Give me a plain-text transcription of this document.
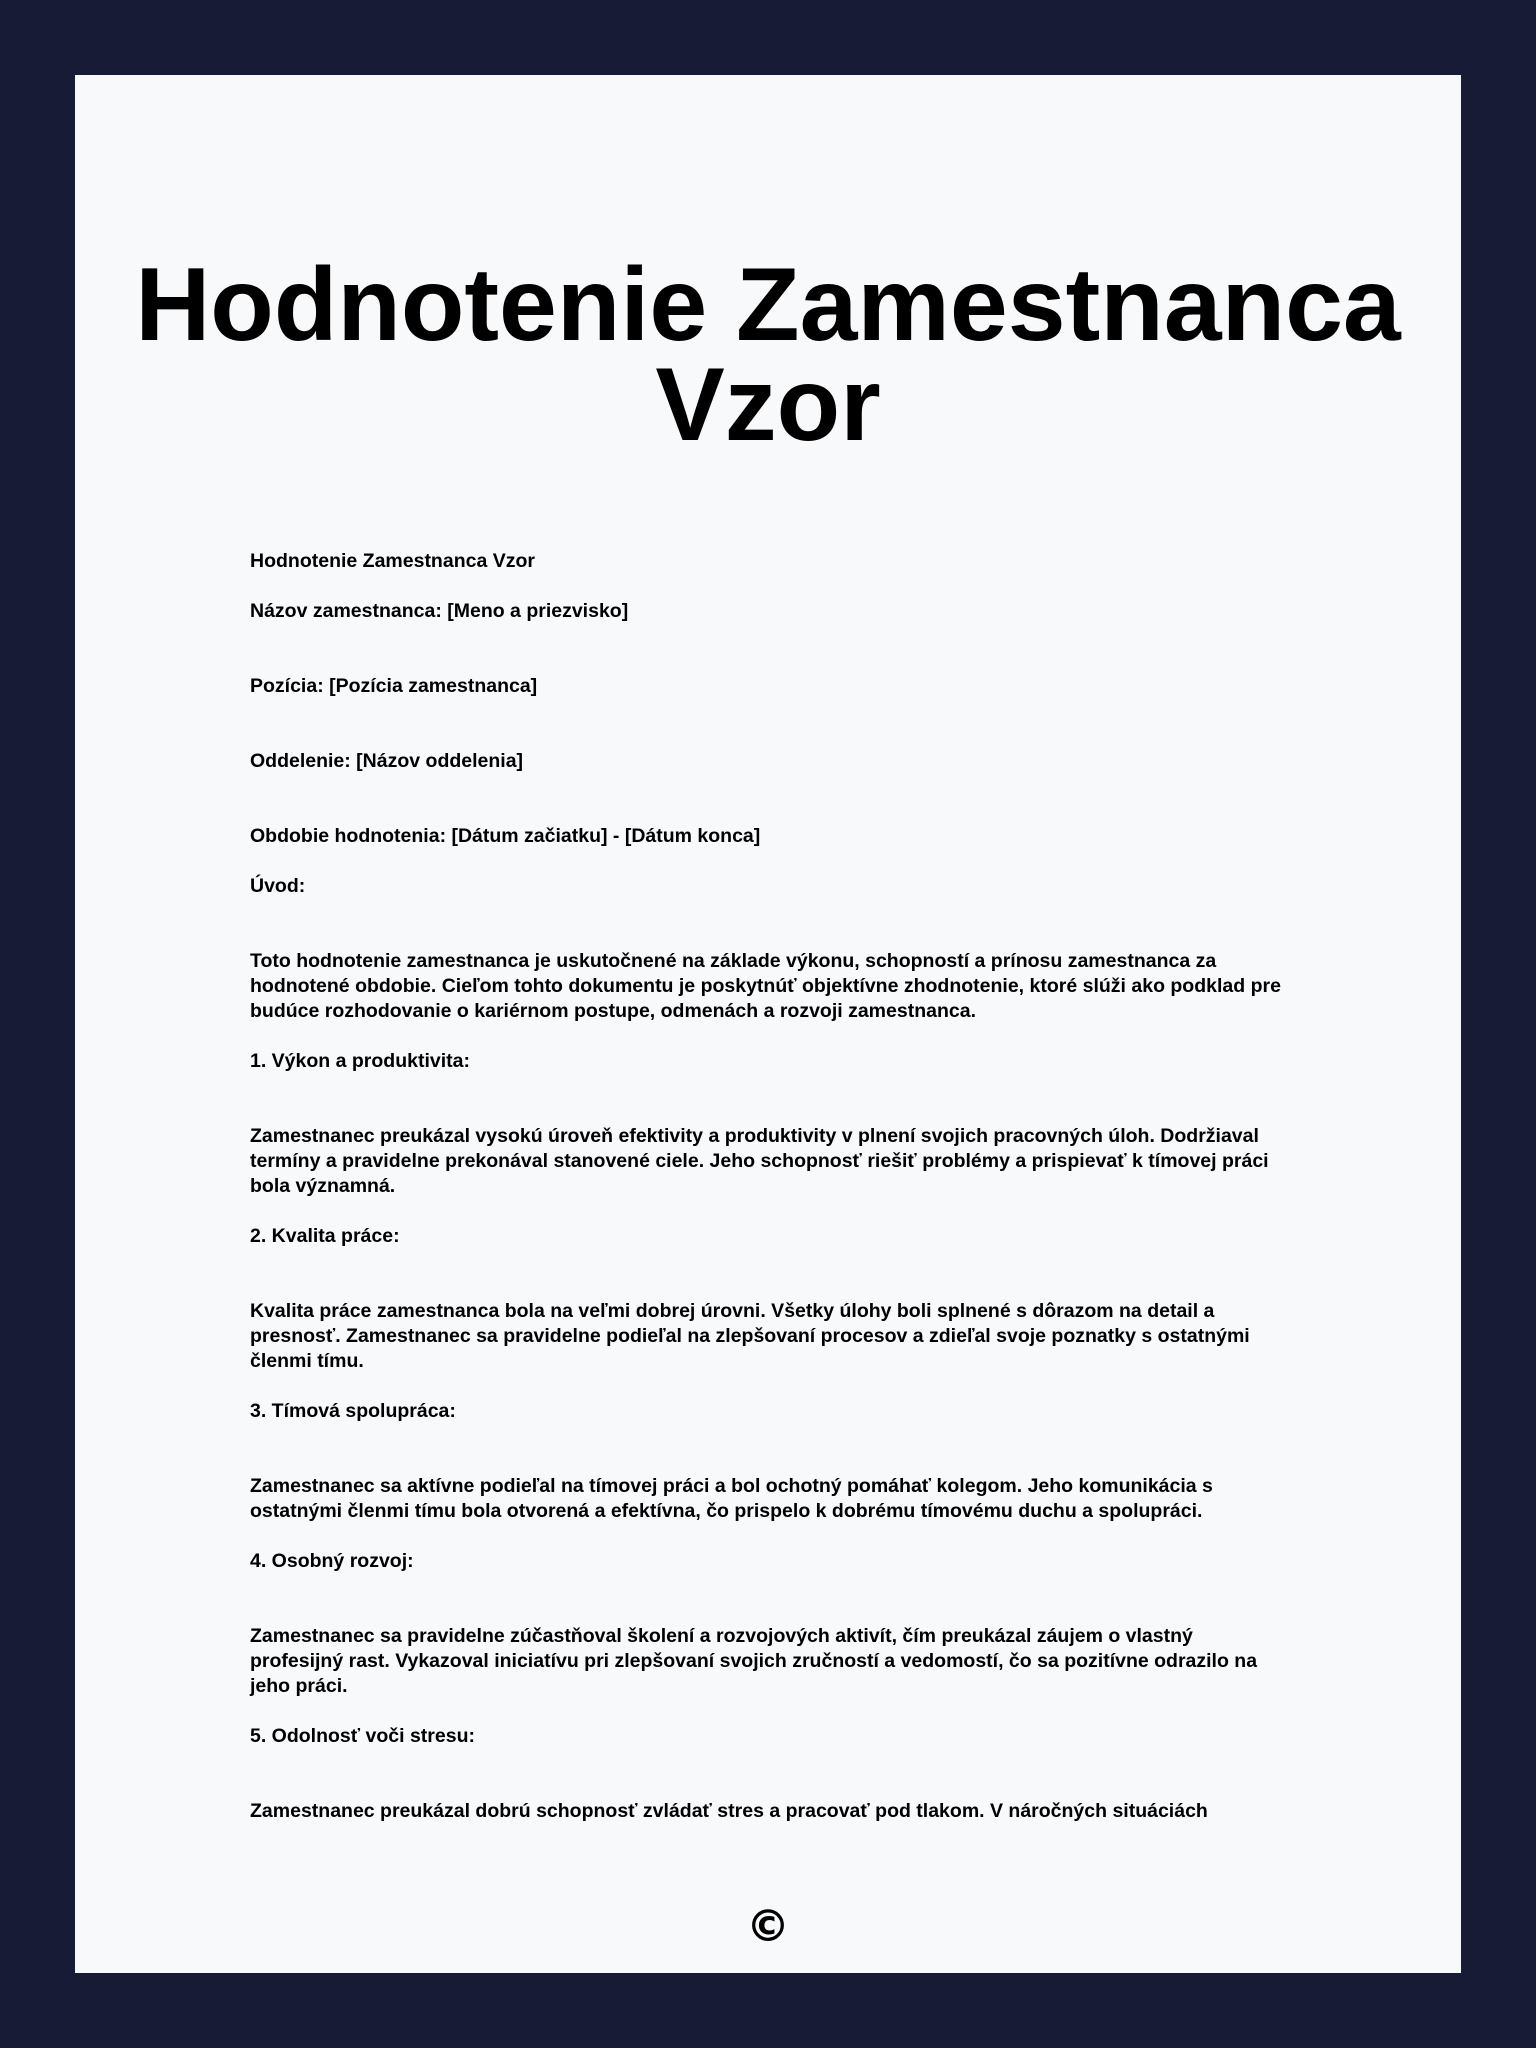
Hodnotenie Zamestnanca Vzor

Hodnotenie Zamestnanca Vzor

Názov zamestnanca: [Meno a priezvisko]

Pozícia: [Pozícia zamestnanca]

Oddelenie: [Názov oddelenia]

Obdobie hodnotenia: [Dátum začiatku] - [Dátum konca]

Úvod:

Toto hodnotenie zamestnanca je uskutočnené na základe výkonu, schopností a prínosu zamestnanca za hodnotené obdobie. Cieľom tohto dokumentu je poskytnúť objektívne zhodnotenie, ktoré slúži ako podklad pre budúce rozhodovanie o kariérnom postupe, odmenách a rozvoji zamestnanca.

1. Výkon a produktivita:

Zamestnanec preukázal vysokú úroveň efektivity a produktivity v plnení svojich pracovných úloh. Dodržiaval termíny a pravidelne prekonával stanovené ciele. Jeho schopnosť riešiť problémy a prispievať k tímovej práci bola významná.

2. Kvalita práce:

Kvalita práce zamestnanca bola na veľmi dobrej úrovni. Všetky úlohy boli splnené s dôrazom na detail a presnosť. Zamestnanec sa pravidelne podieľal na zlepšovaní procesov a zdieľal svoje poznatky s ostatnými členmi tímu.

3. Tímová spolupráca:

Zamestnanec sa aktívne podieľal na tímovej práci a bol ochotný pomáhať kolegom. Jeho komunikácia s ostatnými členmi tímu bola otvorená a efektívna, čo prispelo k dobrému tímovému duchu a spolupráci.

4. Osobný rozvoj:

Zamestnanec sa pravidelne zúčastňoval školení a rozvojových aktivít, čím preukázal záujem o vlastný profesijný rast. Vykazoval iniciatívu pri zlepšovaní svojich zručností a vedomostí, čo sa pozitívne odrazilo na jeho práci.

5. Odolnosť voči stresu:

Zamestnanec preukázal dobrú schopnosť zvládať stres a pracovať pod tlakom. V náročných situáciách

©
